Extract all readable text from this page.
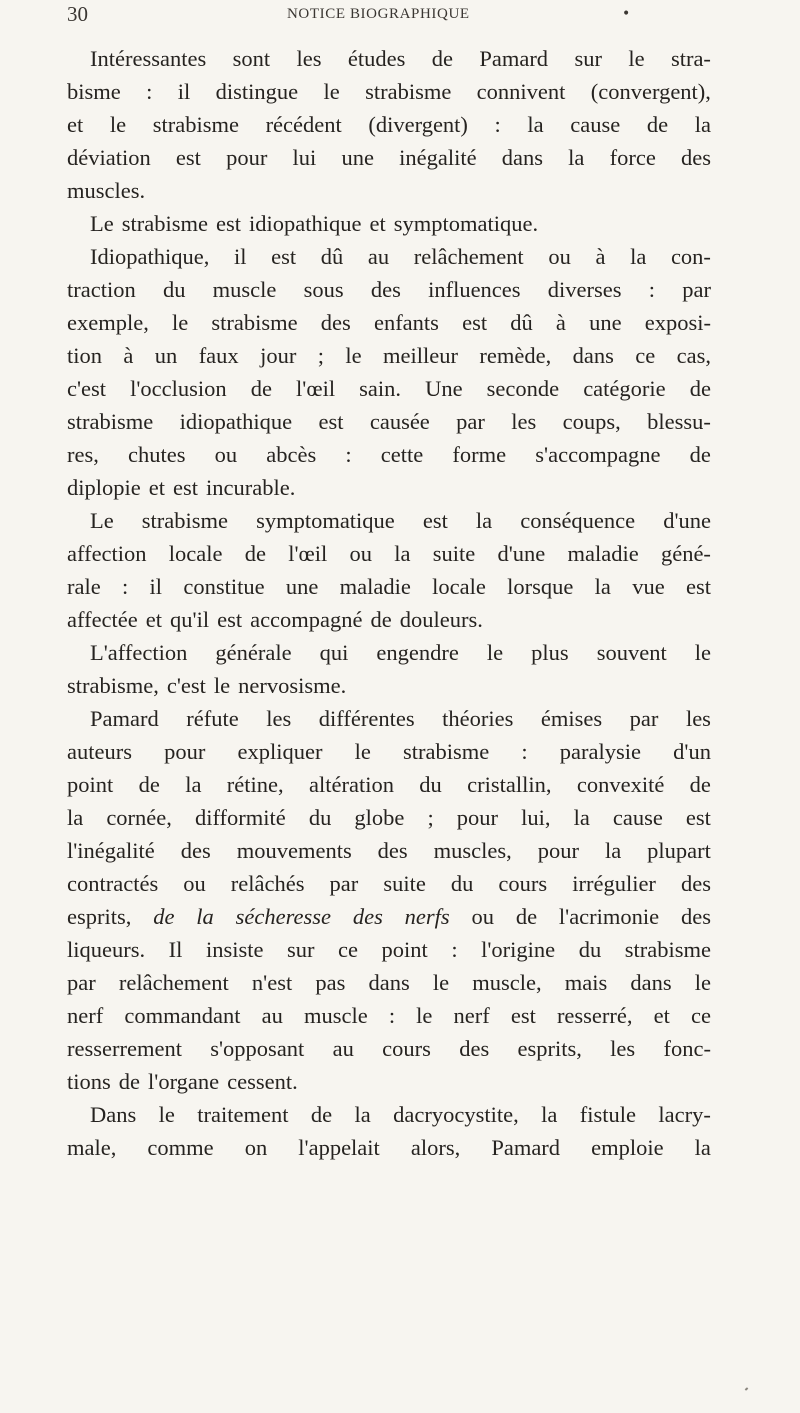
30	NOTICE BIOGRAPHIQUE	•
Intéressantes sont les études de Pamard sur le stra-
bisme : il distingue le strabisme connivent (convergent),
et le strabisme récédent (divergent) : la cause de la
déviation est pour lui une inégalité dans la force des
muscles.
Le strabisme est idiopathique et symptomatique.
Idiopathique, il est dû au relâchement ou à la con-
traction du muscle sous des influences diverses : par
exemple, le strabisme des enfants est dû à une exposi-
tion à un faux jour ; le meilleur remède, dans ce cas,
c'est l'occlusion de l'œil sain. Une seconde catégorie de
strabisme idiopathique est causée par les coups, blessu-
res, chutes ou abcès : cette forme s'accompagne de
diplopie et est incurable.
Le strabisme symptomatique est la conséquence d'une
affection locale de l'œil ou la suite d'une maladie géné-
rale : il constitue une maladie locale lorsque la vue est
affectée et qu'il est accompagné de douleurs.
L'affection générale qui engendre le plus souvent le
strabisme, c'est le nervosisme.
Pamard réfute les différentes théories émises par les
auteurs pour expliquer le strabisme : paralysie d'un
point de la rétine, altération du cristallin, convexité de
la cornée, difformité du globe ; pour lui, la cause est
l'inégalité des mouvements des muscles, pour la plupart
contractés ou relâchés par suite du cours irrégulier des
esprits, de la sécheresse des nerfs ou de l'acrimonie des
liqueurs. Il insiste sur ce point : l'origine du strabisme
par relâchement n'est pas dans le muscle, mais dans le
nerf commandant au muscle : le nerf est resserré, et ce
resserrement s'opposant au cours des esprits, les fonc-
tions de l'organe cessent.
Dans le traitement de la dacryocystite, la fistule lacry-
male, comme on l'appelait alors, Pamard emploie la
